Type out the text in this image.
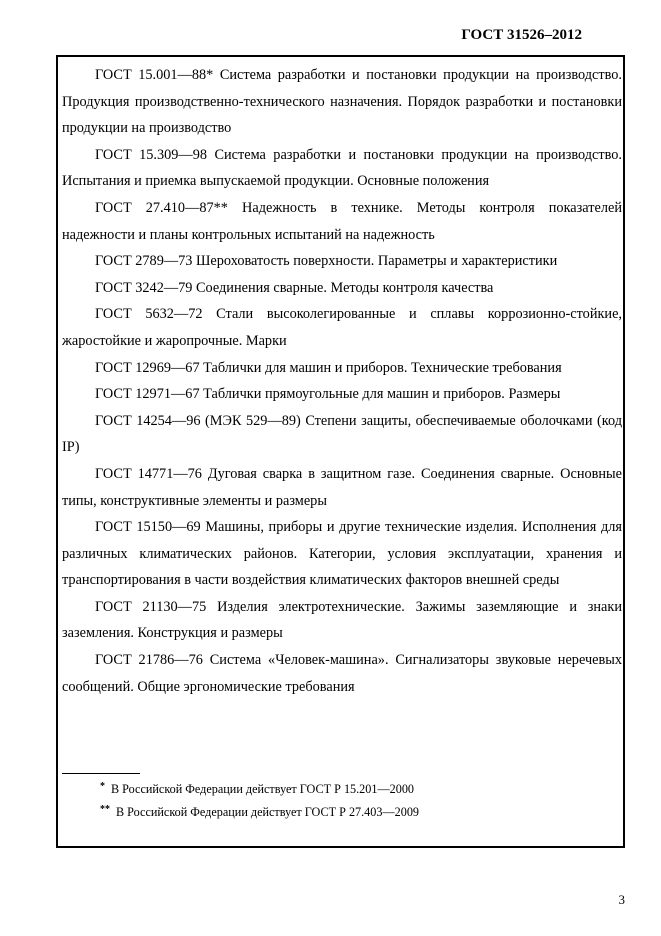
ГОСТ 31526–2012

ГОСТ 15.001—88* Система разработки и постановки продукции на производство. Продукция производственно-технического назначения. Порядок разработки и постановки продукции на производство

ГОСТ 15.309—98 Система разработки и постановки продукции на производство. Испытания и приемка выпускаемой продукции. Основные положения

ГОСТ 27.410—87** Надежность в технике. Методы контроля показателей надежности и планы контрольных испытаний на надежность

ГОСТ 2789—73 Шероховатость поверхности. Параметры и характеристики

ГОСТ 3242—79 Соединения сварные. Методы контроля качества

ГОСТ 5632—72 Стали высоколегированные и сплавы коррозионно-стойкие, жаростойкие и жаропрочные. Марки

ГОСТ 12969—67 Таблички для машин и приборов. Технические требования

ГОСТ 12971—67 Таблички прямоугольные для машин и приборов. Размеры

ГОСТ 14254—96 (МЭК 529—89) Степени защиты, обеспечиваемые оболочками (код IP)

ГОСТ 14771—76 Дуговая сварка в защитном газе. Соединения сварные. Основные типы, конструктивные элементы и размеры

ГОСТ 15150—69 Машины, приборы и другие технические изделия. Исполнения для различных климатических районов. Категории, условия эксплуатации, хранения и транспортирования в части воздействия климатических факторов внешней среды

ГОСТ 21130—75 Изделия электротехнические. Зажимы заземляющие и знаки заземления. Конструкция и размеры

ГОСТ 21786—76 Система «Человек-машина». Сигнализаторы звуковые неречевых сообщений. Общие эргономические требования

* В Российской Федерации действует ГОСТ Р 15.201—2000
** В Российской Федерации действует ГОСТ Р 27.403—2009
3
